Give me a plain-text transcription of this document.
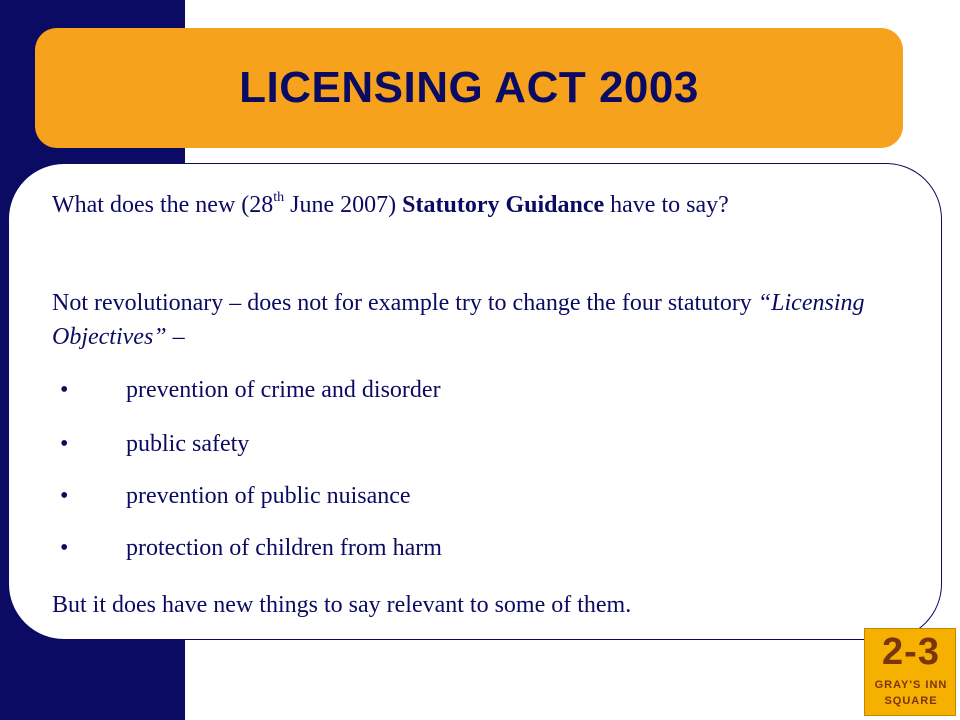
LICENSING ACT 2003

What does the new (28th June 2007) Statutory Guidance have to say?

Not revolutionary – does not for example try to change the four statutory “Licensing Objectives” –

• prevention of crime and disorder
• public safety
• prevention of public nuisance
• protection of children from harm

But it does have new things to say relevant to some of them.

2-3
GRAY'S INN
SQUARE
